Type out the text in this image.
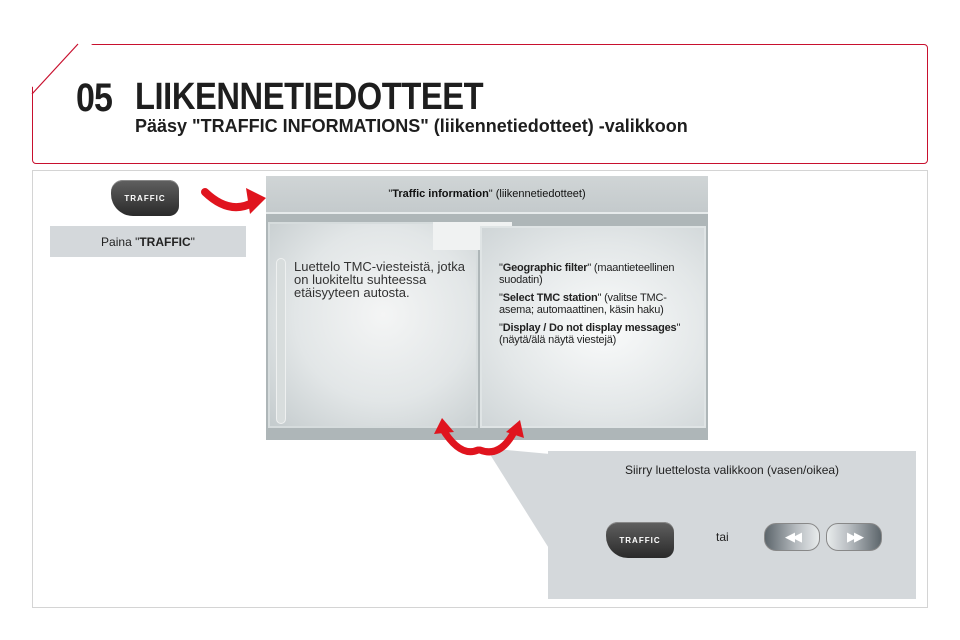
05 LIIKENNETIEDOTTEET
Pääsy "TRAFFIC INFORMATIONS" (liikennetiedotteet) -valikkoon
TRAFFIC
Paina " TRAFFIC "
" Traffic information " (liikennetiedotteet)
Luettelo TMC-viesteistä, jotka on luokiteltu suhteessa etäisyyteen autosta.

"Geographic filter" (maantieteellinen suodatin)

"Select TMC station" (valitse TMC-asema; automaattinen, käsin haku)

"Display / Do not display messages" (näytä/älä näytä viestejä)

Siirry luettelosta valikkoon (vasen/oikea)
TRAFFIC	tai	◀◀	▶▶
